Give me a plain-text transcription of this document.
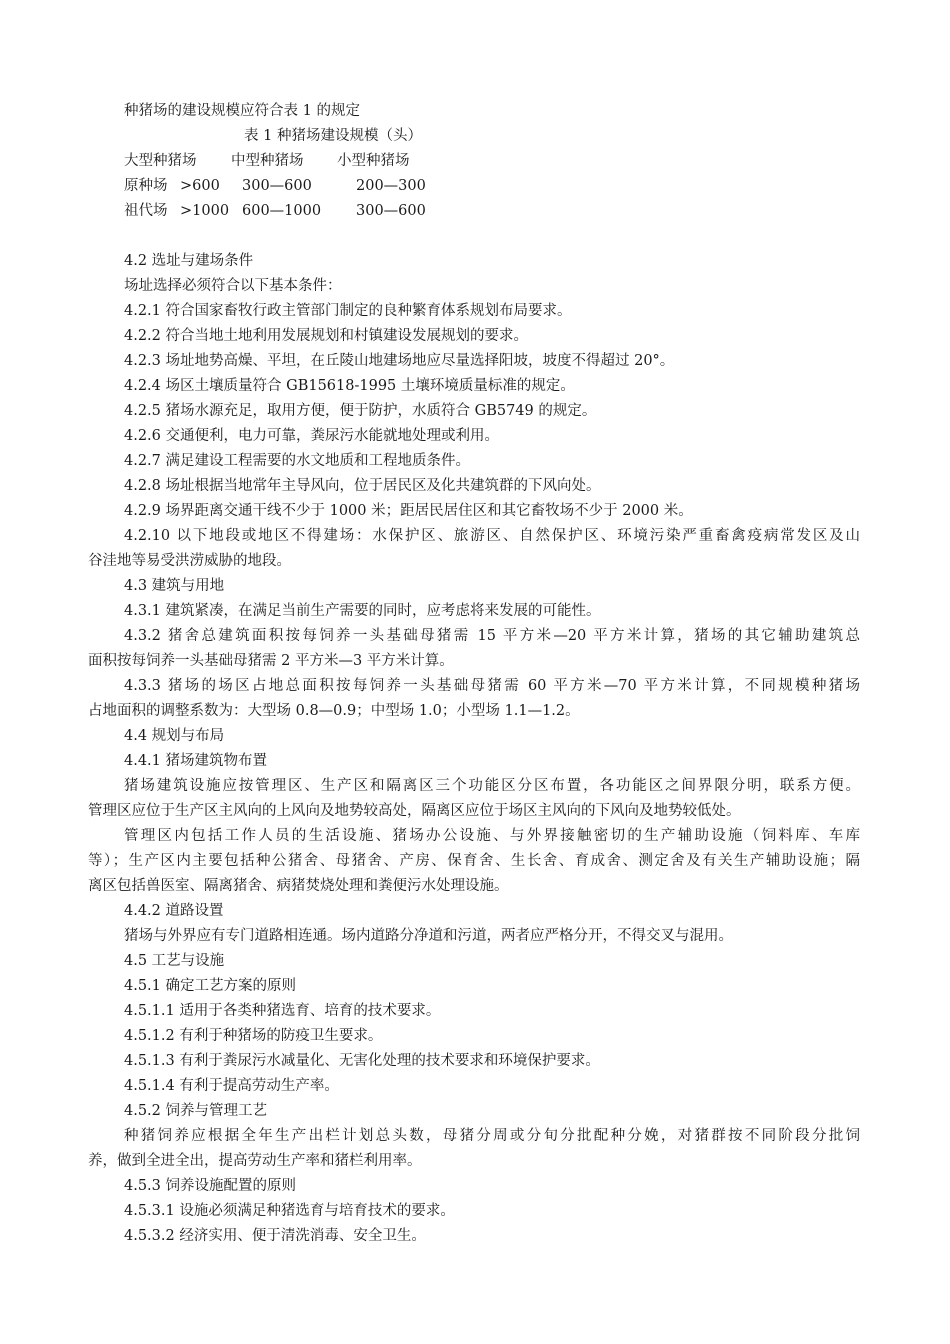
种猪场的建设规模应符合表 1 的规定
表 1 种猪场建设规模（头）
大型种猪场 中型种猪场 小型种猪场
原种场 >600 300—600	200—300
祖代场 >1000 600—1000 300—600
4.2 选址与建场条件
场址选择必须符合以下基本条件：
4.2.1 符合国家畜牧行政主管部门制定的良种繁育体系规划布局要求。
4.2.2 符合当地土地利用发展规划和村镇建设发展规划的要求。
4.2.3 场址地势高燥、平坦，在丘陵山地建场地应尽量选择阳坡，坡度不得超过 20°。
4.2.4 场区土壤质量符合 GB15618-1995 土壤环境质量标准的规定。
4.2.5 猪场水源充足，取用方便，便于防护，水质符合 GB5749 的规定。
4.2.6 交通便利，电力可靠，粪尿污水能就地处理或利用。
4.2.7 满足建设工程需要的水文地质和工程地质条件。
4.2.8 场址根据当地常年主导风向，位于居民区及化共建筑群的下风向处。
4.2.9 场界距离交通干线不少于 1000 米；距居民居住区和其它畜牧场不少于 2000 米。
4.2.10 以下地段或地区不得建场：水保护区、旅游区、自然保护区、环境污染严重畜禽疫病常发区及山
谷洼地等易受洪涝威胁的地段。
4.3 建筑与用地
4.3.1 建筑紧凑，在满足当前生产需要的同时，应考虑将来发展的可能性。
4.3.2 猪舍总建筑面积按每饲养一头基础母猪需 15 平方米—20 平方米计算，猪场的其它辅助建筑总
面积按每饲养一头基础母猪需 2 平方米—3 平方米计算。
4.3.3 猪场的场区占地总面积按每饲养一头基础母猪需 60 平方米—70 平方米计算，不同规模种猪场
占地面积的调整系数为：大型场 0.8—0.9；中型场 1.0；小型场 1.1—1.2。
4.4 规划与布局
4.4.1 猪场建筑物布置
猪场建筑设施应按管理区、生产区和隔离区三个功能区分区布置，各功能区之间界限分明，联系方便。
管理区应位于生产区主风向的上风向及地势较高处，隔离区应位于场区主风向的下风向及地势较低处。
管理区内包括工作人员的生活设施、猪场办公设施、与外界接触密切的生产辅助设施（饲料库、车库
等）；生产区内主要包括种公猪舍、母猪舍、产房、保育舍、生长舍、育成舍、测定舍及有关生产辅助设施；隔
离区包括兽医室、隔离猪舍、病猪焚烧处理和粪便污水处理设施。
4.4.2 道路设置
猪场与外界应有专门道路相连通。场内道路分净道和污道，两者应严格分开，不得交叉与混用。
4.5 工艺与设施
4.5.1 确定工艺方案的原则
4.5.1.1 适用于各类种猪选育、培育的技术要求。
4.5.1.2 有利于种猪场的防疫卫生要求。
4.5.1.3 有利于粪尿污水减量化、无害化处理的技术要求和环境保护要求。
4.5.1.4 有利于提高劳动生产率。
4.5.2 饲养与管理工艺
种猪饲养应根据全年生产出栏计划总头数，母猪分周或分旬分批配种分娩，对猪群按不同阶段分批饲
养，做到全进全出，提高劳动生产率和猪栏利用率。
4.5.3 饲养设施配置的原则
4.5.3.1 设施必须满足种猪选育与培育技术的要求。
4.5.3.2 经济实用、便于清洗消毒、安全卫生。
